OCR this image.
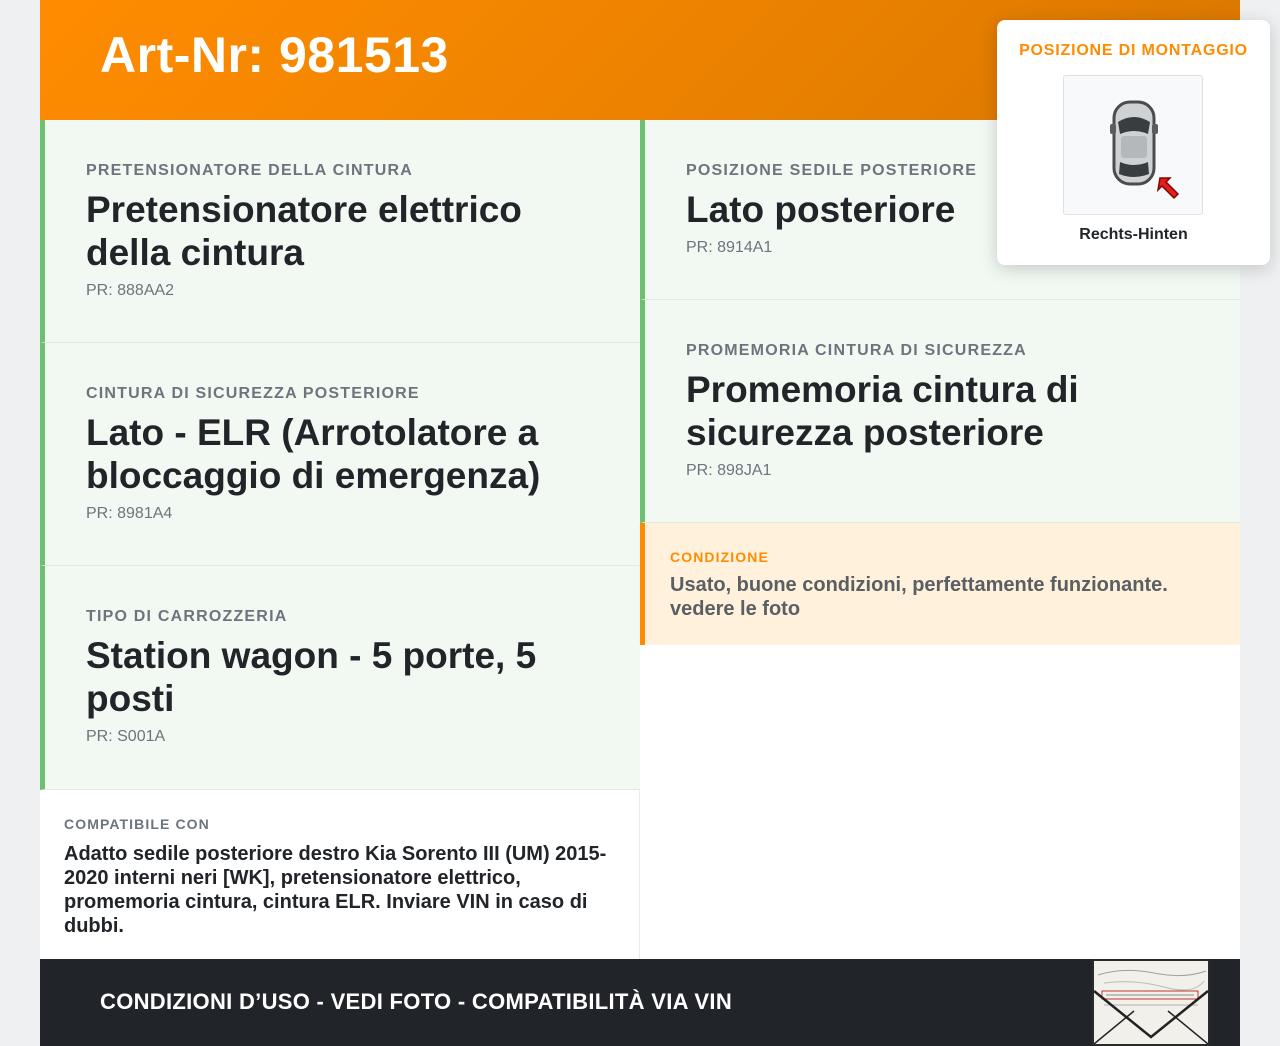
Art-Nr: 981513
PRETENSIONATORE DELLA CINTURA
Pretensionatore elettrico della cintura
PR: 888AA2
CINTURA DI SICUREZZA POSTERIORE
Lato - ELR (Arrotolatore a bloccaggio di emergenza)
PR: 8981A4
TIPO DI CARROZZERIA
Station wagon - 5 porte, 5 posti
PR: S001A
POSIZIONE SEDILE POSTERIORE
Lato posteriore
PR: 8914A1
PROMEMORIA CINTURA DI SICUREZZA
Promemoria cintura di sicurezza posteriore
PR: 898JA1
CONDIZIONE
Usato, buone condizioni, perfettamente funzionante. vedere le foto
COMPATIBILE CON
Adatto sedile posteriore destro Kia Sorento III (UM) 2015-2020 interni neri [WK], pretensionatore elettrico, promemoria cintura, cintura ELR. Inviare VIN in caso di dubbi.
CONDIZIONI D’USO - VEDI FOTO - COMPATIBILITÀ VIA VIN
POSIZIONE DI MONTAGGIO
Rechts-Hinten
